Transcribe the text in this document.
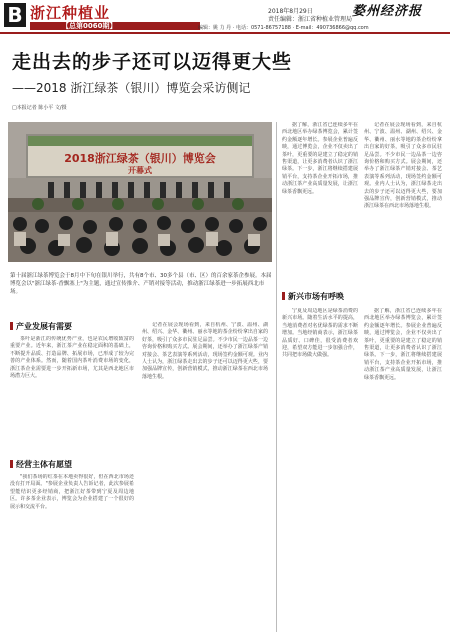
B 浙江种植业
【总第0060期】
2018年8月29日
责任编辑：浙江省种植业管理局
婺州经济报
编辑：姚 力 丹 · 电话：0571-86757188 · E-mail：490736866@qq.com
走出去的步子还可以迈得更大些
——2018 浙江绿茶（银川）博览会采访侧记
□本报记者 陈小平 文/摄
2018浙江绿茶（银川）博览会
开幕式
第十届浙江绿茶博览会于8月中下旬在银川举行，共有8个市、30多个县（市、区）的百余家茶企参展。本届博览会以"浙江绿茶·香飘塞上"为主题，通过宣传推介、产销对接等活动，推动浙江绿茶进一步拓展西北市场。
产业发展有需要

茶叶是浙江的传统优势产业，也是农民增收致富的重要产业。近年来，浙江茶产业在稳定面积的基础上，不断提升品质、打造品牌、拓展市场，已形成了较为完善的产业体系。然而，随着国内茶叶消费市场的变化，浙江茶企业需要进一步开拓新市场，尤其是西北地区市场潜力巨大。

经营主体有愿望

"我们茶场的红茶在本地卖得很好，但在西北市场还没有打开局面。"参展企业负责人告诉记者，此次参展希望能结识更多经销商，把浙江好茶带到宁夏及周边地区。许多茶企业表示，博览会为企业搭建了一个很好的展示和交流平台。

记者在展会现场看到，来自杭州、宁波、温州、湖州、绍兴、金华、衢州、丽水等地的茶企纷纷拿出自家的好茶，吸引了众多市民驻足品尝。不少市民一边品茶一边咨询价格和购买方式。展会期间，还举办了浙江绿茶产销对接会、茶艺表演等系列活动，现场签约金额可观。业内人士认为，浙江绿茶走出去的步子还可以迈得更大些，要加强品牌宣传，创新营销模式，推动浙江绿茶在西北市场落地生根。

据了解，浙江省已连续多年在西北地区举办绿茶博览会，累计签约金额逐年增长。参展企业普遍反映，通过博览会，企业不仅卖出了茶叶，更重要的是建立了稳定的销售渠道，让更多消费者认识了浙江绿茶。下一步，浙江将继续搭建展销平台，支持茶企业开拓市场，推动浙江茶产业高质量发展，让浙江绿茶香飘更远。

记者在展会现场看到，来自杭州、宁波、温州、湖州、绍兴、金华、衢州、丽水等地的茶企纷纷拿出自家的好茶，吸引了众多市民驻足品尝。不少市民一边品茶一边咨询价格和购买方式。展会期间，还举办了浙江绿茶产销对接会、茶艺表演等系列活动，现场签约金额可观。业内人士认为，浙江绿茶走出去的步子还可以迈得更大些，要加强品牌宣传，创新营销模式，推动浙江绿茶在西北市场落地生根。

新兴市场有呼唤

宁夏及周边地区是绿茶消费的新兴市场。随着生活水平的提高，当地消费者对名优绿茶的需求不断增加。当地经销商表示，浙江绿茶品质好、口碑佳，很受消费者欢迎，希望双方能进一步加强合作，共同把市场做大做强。

据了解，浙江省已连续多年在西北地区举办绿茶博览会，累计签约金额逐年增长。参展企业普遍反映，通过博览会，企业不仅卖出了茶叶，更重要的是建立了稳定的销售渠道，让更多消费者认识了浙江绿茶。下一步，浙江将继续搭建展销平台，支持茶企业开拓市场，推动浙江茶产业高质量发展，让浙江绿茶香飘更远。
